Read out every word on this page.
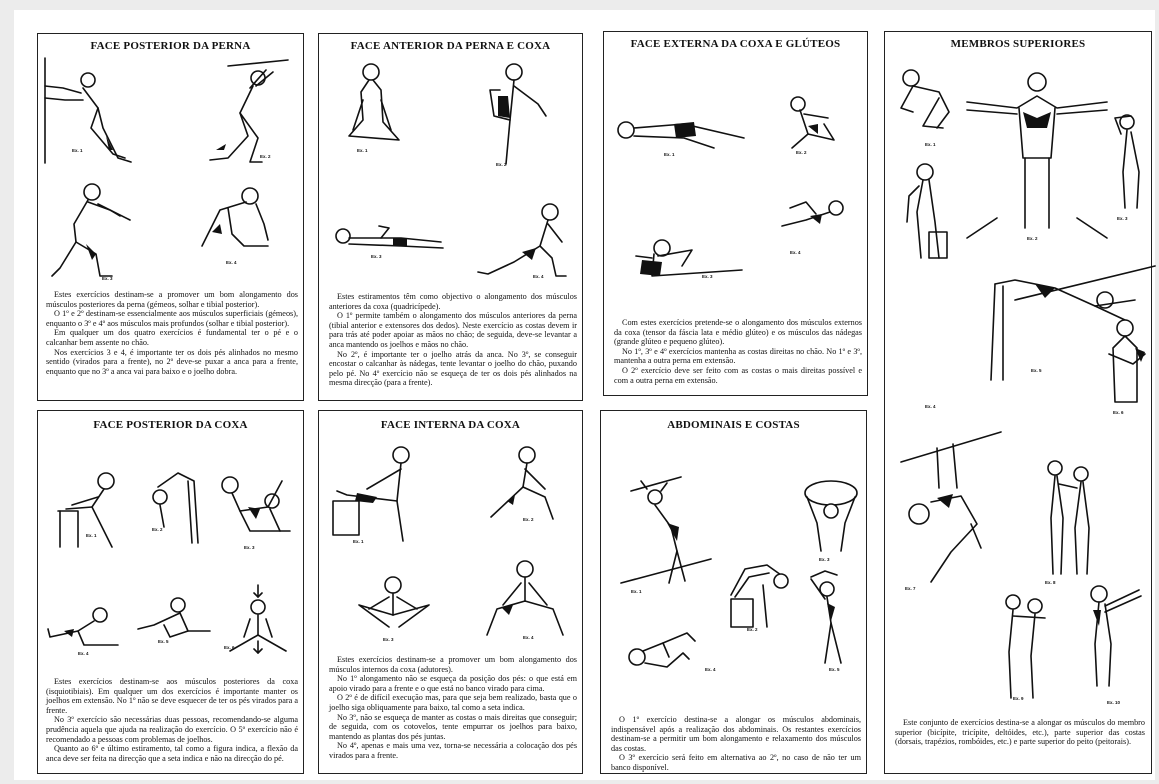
FACE POSTERIOR DA PERNA
Ex. 1
Ex. 2
Ex. 3
Ex. 4

Estes exercícios destinam-se a promover um bom alongamento dos músculos posteriores da perna (gémeos, solhar e tibial posterior).

O 1º e 2º destinam-se essencialmente aos músculos superficiais (gémeos), enquanto o 3º e 4º aos músculos mais profundos (solhar e tibial posterior).

Em qualquer um dos quatro exercícios é fundamental ter o pé e o calcanhar bem assente no chão.

Nos exercícios 3 e 4, é importante ter os dois pés alinhados no mesmo sentido (virados para a frente), no 2º deve-se puxar a anca para a frente, enquanto que no 3º a anca vai para baixo e o joelho dobra.

FACE ANTERIOR DA PERNA E COXA
Ex. 1
Ex. 2
Ex. 3
Ex. 4

Estes estiramentos têm como objectivo o alongamento dos músculos anteriores da coxa (quadricípede).

O 1º permite também o alongamento dos músculos anteriores da perna (tibial anterior e extensores dos dedos). Neste exercício as costas devem ir para trás até poder apoiar as mãos no chão; de seguida, deve-se levantar a anca mantendo os joelhos e mãos no chão.

No 2º, é importante ter o joelho atrás da anca. No 3º, se conseguir encostar o calcanhar às nádegas, tente levantar o joelho do chão, puxando pelo pé. No 4º exercício não se esqueça de ter os dois pés alinhados na mesma direcção (para a frente).

FACE EXTERNA DA COXA E GLÚTEOS
Ex. 1	Ex. 2
Ex. 3
Ex. 4

Com estes exercícios pretende-se o alongamento dos músculos externos da coxa (tensor da fáscia lata e médio glúteo) e os músculos das nádegas (grande glúteo e pequeno glúteo).

No 1º, 3º e 4º exercícios mantenha as costas direitas no chão. No 1º e 3º, mantenha a outra perna em extensão.

O 2º exercício deve ser feito com as costas o mais direitas possível e com a outra perna em extensão.

MEMBROS SUPERIORES
Ex. 1
Ex. 2
Ex. 3
Ex. 5
Ex. 4
Ex. 6
Ex. 7
Ex. 8
Ex. 9
Ex. 10

Este conjunto de exercícios destina-se a alongar os músculos do membro superior (bicípite, tricípite, deltóides, etc.), parte superior das costas (dorsais, trapézios, rombóides, etc.) e parte superior do peito (peitorais).

FACE POSTERIOR DA COXA
Ex. 1
Ex. 2
Ex. 3
Ex. 4
Ex. 5
Ex. 6

Estes exercícios destinam-se aos músculos posteriores da coxa (isquiotibiais). Em qualquer um dos exercícios é importante manter os joelhos em extensão. No 1º não se deve esquecer de ter os pés virados para a frente.

No 3º exercício são necessárias duas pessoas, recomendando-se alguma prudência aquela que ajuda na realização do exercício. O 5º exercício não é recomendado a pessoas com problemas de joelhos.

Quanto ao 6º e último estiramento, tal como a figura indica, a flexão da anca deve ser feita na direcção que a seta indica e não na direcção do pé.

FACE INTERNA DA COXA
Ex. 1
Ex. 2
Ex. 3	Ex. 4

Estes exercícios destinam-se a promover um bom alongamento dos músculos internos da coxa (adutores).

No 1º alongamento não se esqueça da posição dos pés: o que está em apoio virado para a frente e o que está no banco virado para cima.

O 2º é de difícil execução mas, para que seja bem realizado, basta que o joelho siga obliquamente para baixo, tal como a seta indica.

No 3º, não se esqueça de manter as costas o mais direitas que conseguir; de seguida, com os cotovelos, tente empurrar os joelhos para baixo, mantendo as plantas dos pés juntas.

No 4º, apenas e mais uma vez, torna-se necessária a colocação dos pés virados para a frente.

ABDOMINAIS E COSTAS
Ex. 1
Ex. 2
Ex. 3
Ex. 4	Ex. 5

O 1º exercício destina-se a alongar os músculos abdominais, indispensável após a realização dos abdominais. Os restantes exercícios destinam-se a permitir um bom alongamento e relaxamento dos músculos das costas.

O 3º exercício será feito em alternativa ao 2º, no caso de não ter um banco disponível.
